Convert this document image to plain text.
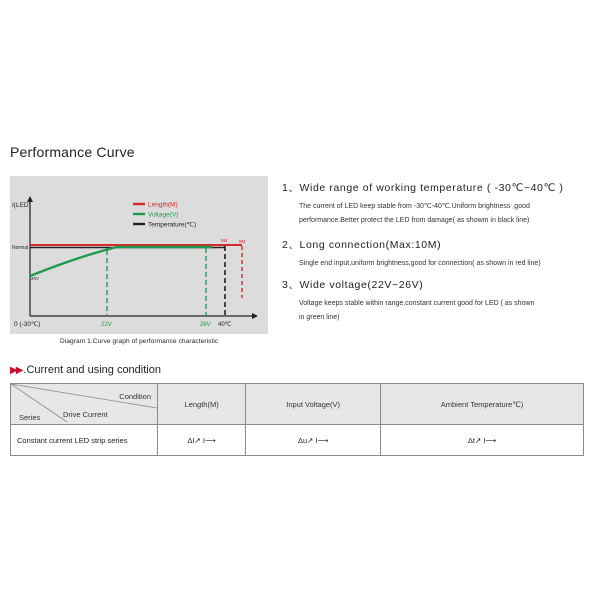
Performance Curve
I(LED)
Normal
20V
Length(M)
Voltage(V)
Temperature(℃)
5M	8M
0 (-30℃)	22V	26V 40℃
Diagram 1:Curve graph of performance characteristic
1、Wide range of working temperature ( -30℃~40℃ )
The current of LED keep stable from -30℃-40℃.Uniform brightness ,good
performance.Better protect the LED from damage( as showm in black line)
2、Long connection(Max:10M)
Single end input,uniform brightness,good for connection( as shown in red line)
3、Wide voltage(22V~26V)
Voltage keeps stable within range,constant current good for LED ( as shown
in green line)
▶▶ .Current and using condition
Condition
Drive Current
Series	Length(M)	Input Voltage(V)	Ambient Temperature℃)
Constant current LED strip series	ΔI↗ I⟶	Δu↗ I⟶	Δt↗ I⟶
